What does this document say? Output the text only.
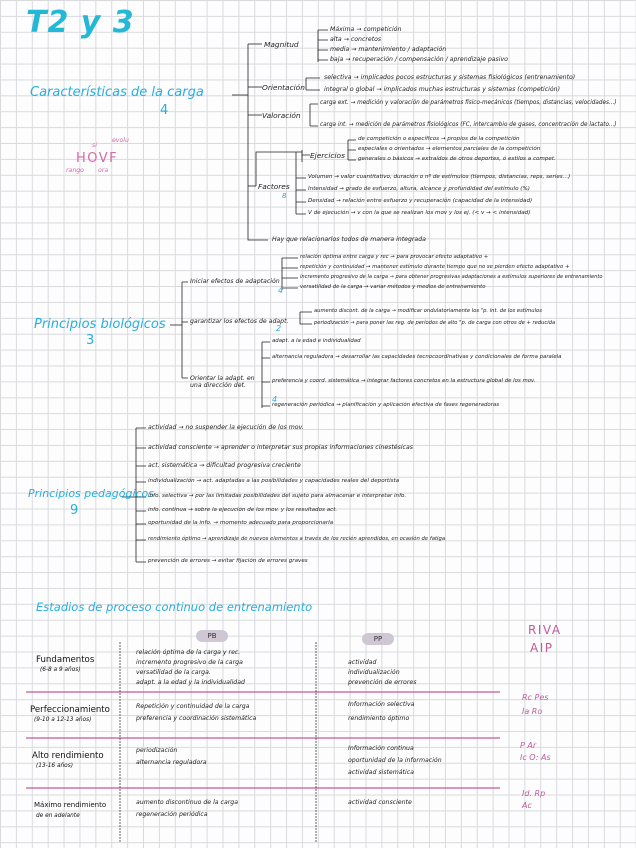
T2 y 3
Características de la carga
4
si
evolu
HOVF
rango ora
Magnitud
Máxima → competición
alta → concretos
media → mantenimiento / adaptación
baja → recuperación / compensación / aprendizaje pasivo
Orientación
selectiva → implicados pocos estructuras y sistemas fisiológicos (entrenamiento)
integral o global → implicados muchas estructuras y sistemas (competición)
Valoración
carga ext. → medición y valoración de parámetros físico-mecánicos (tiempos, distancias, velocidades...)
carga int. → medición de parámetros fisiológicos (FC, intercambio de gases, concentración de lactato...)
Ejercicios
de competición o específicos → propios de la competición
especiales o orientados → elementos parciales de la competición
generales o básicos → extraídos de otros deportes, ó estilos a compet.
Factores
8
Volumen → valor cuantitativo, duración o nº de estímulos (tiempos, distancias, reps, series...)
Intensidad → grado de esfuerzo, altura, alcance y profundidad del estímulo (%)
Densidad → relación entre esfuerzo y recuperación (capacidad de la intensidad)
V de ejecución → v con la que se realizan los mov y los ej. (< v → < intensidad)
Hay que relacionarlos todos de manera integrada
Principios biológicos
3
Iniciar efectos de adaptación
4
relación óptima entre carga y rec → para provocar efecto adaptativo +
repetición y continuidad → mantener estímulo durante tiempo que no se pierden efecto adaptativo +
incremento progresivo de la carga → para obtener progresivas adaptaciones a estímulos superiores de entrenamiento
versatilidad de la carga → variar métodos y medios de entrenamiento
garantizar los efectos de adapt.
2
aumento discont. de la carga → modificar ondulatoriamente los "p. int. de los estímulos
periodización → para poner las reg. de períodos de alto "p. de carga con otros de + reducida
Orientar la adapt. en una dirección det.
4
adapt. a la edad e individualidad
alternancia reguladora → desarrollar las capacidades tecnocoordinativas y condicionales de forma paralela
preferencia y coord. sistemática → integrar factores concretos en la estructura global de los mov.
regeneración periódica → planificación y aplicación efectiva de fases regeneradoras
Principios pedagógicos
9
actividad → no suspender la ejecución de los mov.
actividad consciente → aprender o interpretar sus propias informaciones cinestésicas
act. sistemática → dificultad progresiva creciente
individualización → act. adaptadas a las posibilidades y capacidades reales del deportista
info. selectiva → por las limitadas posibilidades del sujeto para almacenar e interpretar info.
info. continua → sobre la ejecución de los mov. y los resultados act.
oportunidad de la info. → momento adecuado para proporcionarla
rendimiento óptimo → aprendizaje de nuevos elementos a través de los recién aprendidos, en ocasión de fatiga
prevención de errores → evitar fijación de errores graves
Estadios de proceso continuo de entrenamiento
PB	PP
RIVA
AIP
Rc Pes
Ia Ro
P Ar
Ic O: As
Id. Rp
Ac
Fundamentos
(6-8 a 9 años)
relación óptima de la carga y rec.
incremento progresivo de la carga
versatilidad de la carga.
adapt. a la edad y la individualidad
actividad
individualización
prevención de errores
Perfeccionamiento
(9-10 a 12-13 años)
Repetición y continuidad de la carga
preferencia y coordinación sistemática
Información selectiva
rendimiento óptimo
Alto rendimiento
(13-16 años)
periodización
alternancia reguladora
Información continua
oportunidad de la información
actividad sistemática
Máximo rendimiento
de en adelante
aumento discontinuo de la carga
regeneración periódica
actividad consciente
